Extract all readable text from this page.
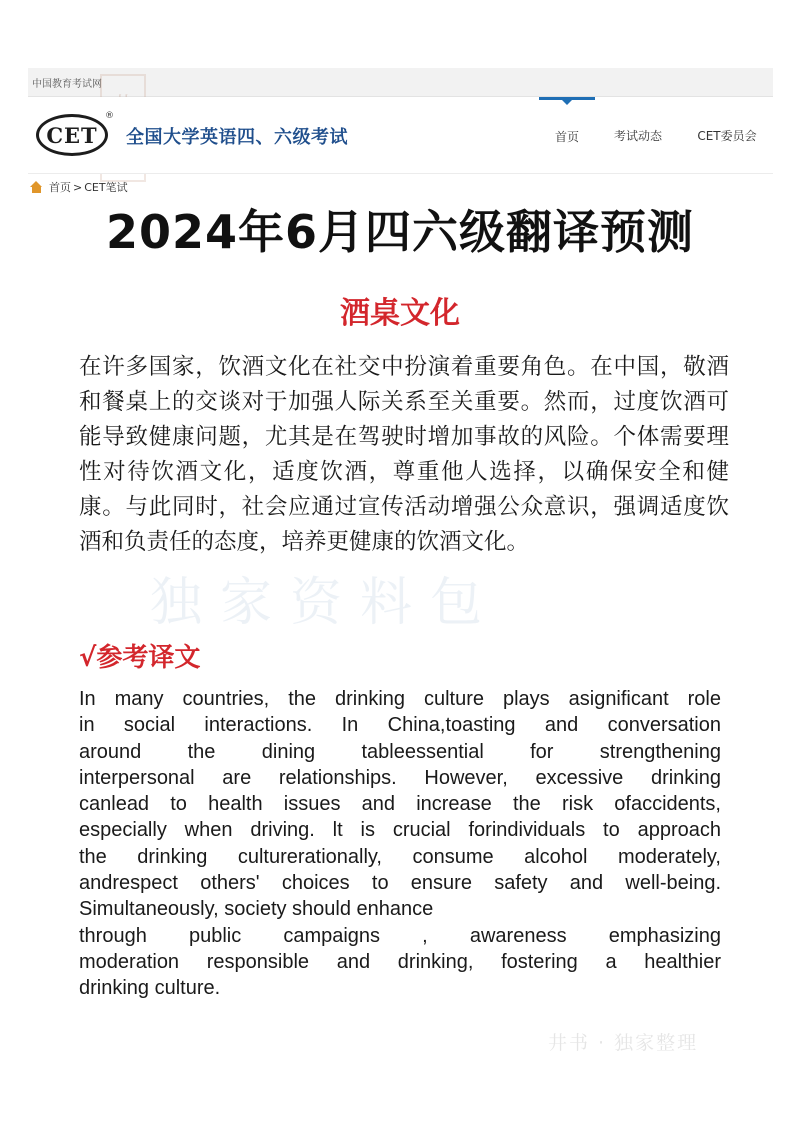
中国教育考试网
CET
®
全国大学英语四、六级考试	首页	考试动态	CET委员会
首页 > CET笔试
2024年6月四六级翻译预测
酒桌文化
独家资料包
在许多国家，饮酒文化在社交中扮演着重要角色。在中国，敬酒和餐桌上的交谈对于加强人际关系至关重要。然而，过度饮酒可能导致健康问题，尤其是在驾驶时增加事故的风险。个体需要理性对待饮酒文化，适度饮酒，尊重他人选择，以确保安全和健康。与此同时，社会应通过宣传活动增强公众意识，强调适度饮酒和负责任的态度，培养更健康的饮酒文化。
√参考译文
In many countries, the drinking culture plays asignificant role
in social interactions. In China,toasting and conversation
around the dining tableessential for strengthening
interpersonal are relationships. However, excessive drinking
canlead to health issues and increase the risk ofaccidents,
especially when driving. lt is crucial forindividuals to approach
the drinking culturerationally, consume alcohol moderately,
andrespect others' choices to ensure safety and well-being.
Simultaneously, society should enhance
through public campaigns , awareness emphasizing
moderation responsible and drinking, fostering a healthier
drinking culture.
井书 · 独家整理
